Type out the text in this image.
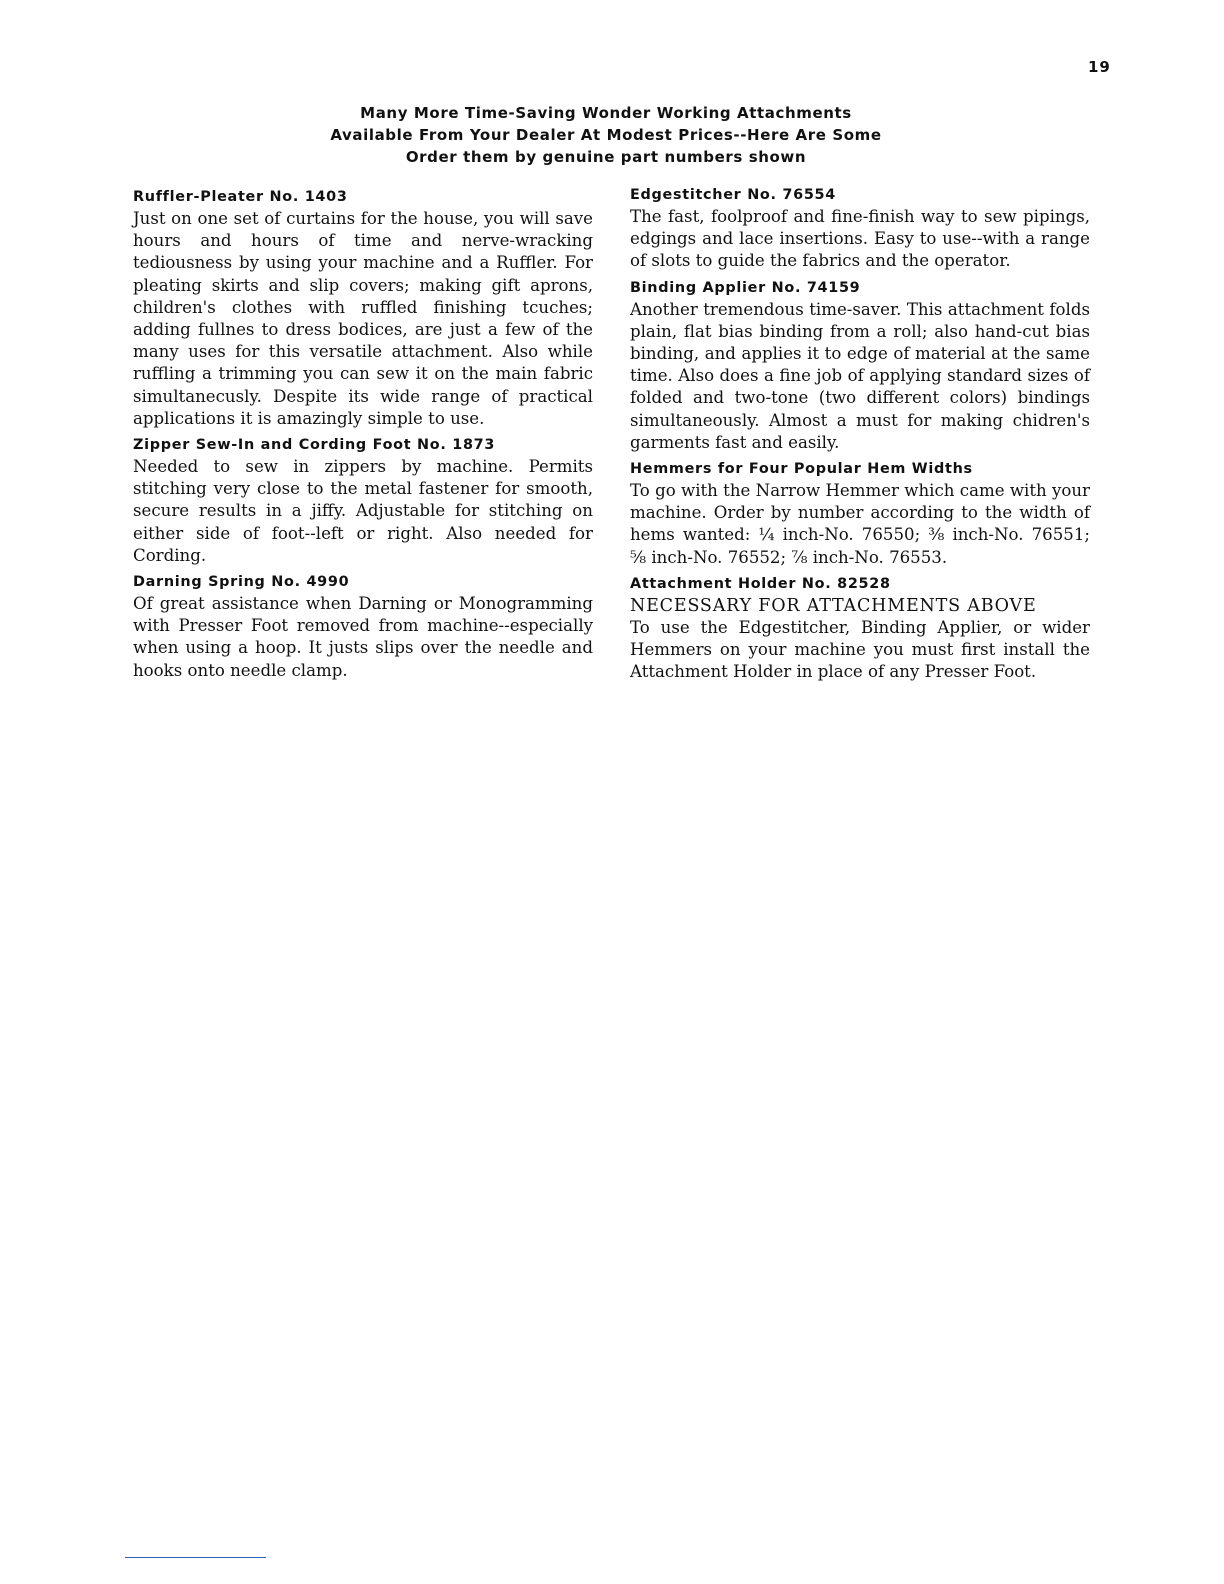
19
Many More Time-Saving Wonder Working Attachments
Available From Your Dealer At Modest Prices--Here Are Some
Order them by genuine part numbers shown
Ruffler-Pleater No. 1403
Just on one set of curtains for the house, you will save hours and hours of time and nerve-wracking tediousness by using your machine and a Ruffler. For pleating skirts and slip covers; making gift aprons, children's clothes with ruffled finishing tcuches; adding fullnes to dress bodices, are just a few of the many uses for this versatile attachment. Also while ruffling a trimming you can sew it on the main fabric simultanecusly. Despite its wide range of practical applications it is amazingly simple to use.
Zipper Sew-In and Cording Foot No. 1873
Needed to sew in zippers by machine. Permits stitching very close to the metal fastener for smooth, secure results in a jiffy. Adjustable for stitching on either side of foot--left or right. Also needed for Cording.
Darning Spring No. 4990
Of great assistance when Darning or Monogramming with Presser Foot removed from machine--especially when using a hoop. It justs slips over the needle and hooks onto needle clamp.
Edgestitcher No. 76554
The fast, foolproof and fine-finish way to sew pipings, edgings and lace insertions. Easy to use--with a range of slots to guide the fabrics and the operator.
Binding Applier No. 74159
Another tremendous time-saver. This attachment folds plain, flat bias binding from a roll; also hand-cut bias binding, and applies it to edge of material at the same time. Also does a fine job of applying standard sizes of folded and two-tone (two different colors) bindings simultaneously. Almost a must for making chidren's garments fast and easily.
Hemmers for Four Popular Hem Widths
To go with the Narrow Hemmer which came with your machine. Order by number according to the width of hems wanted: ¼ inch-No. 76550; ⅜ inch-No. 76551; ⅝ inch-No. 76552; ⅞ inch-No. 76553.
Attachment Holder No. 82528
NECESSARY FOR ATTACHMENTS ABOVE
To use the Edgestitcher, Binding Applier, or wider Hemmers on your machine you must first install the Attachment Holder in place of any Presser Foot.
